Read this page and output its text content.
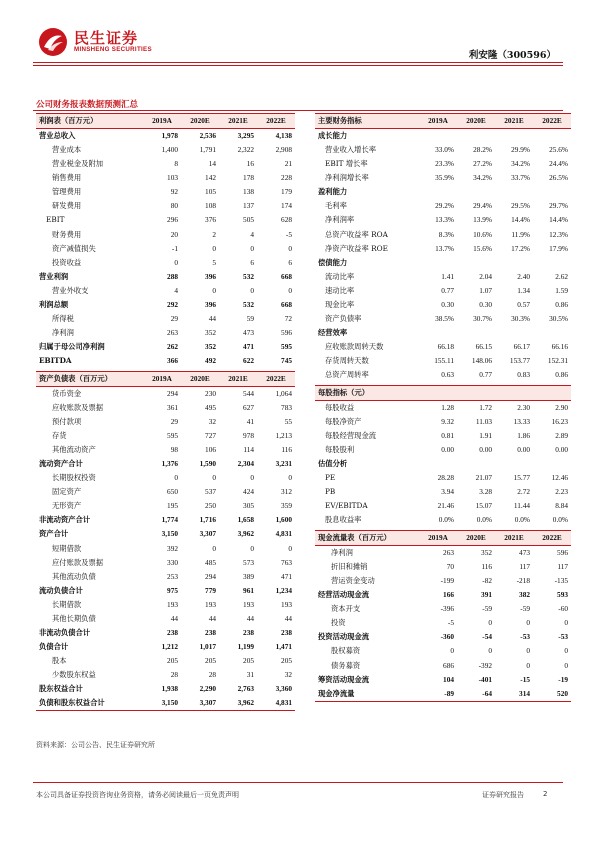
民生证券
MINSHENG SECURITIES
利安隆（300596）
公司财务报表数据预测汇总
利润表（百万元）	2019A	2020E	2021E	2022E
营业总收入	1,978	2,536	3,295	4,138
营业成本	1,400	1,791	2,322	2,908
营业税金及附加	8	14	16	21
销售费用	103	142	178	228
管理费用	92	105	138	179
研发费用	80	108	137	174
EBIT	296	376	505	628
财务费用	20	2	4	-5
资产减值损失	-1	0	0	0
投资收益	0	5	6	6
营业利润	288	396	532	668
营业外收支	4	0	0	0
利润总额	292	396	532	668
所得税	29	44	59	72
净利润	263	352	473	596
归属于母公司净利润	262	352	471	595
EBITDA	366	492	622	745

资产负债表（百万元）	2019A	2020E	2021E	2022E
货币资金	294	230	544	1,064
应收账款及票据	361	495	627	783
预付款项	29	32	41	55
存货	595	727	978	1,213
其他流动资产	98	106	114	116
流动资产合计	1,376	1,590	2,304	3,231
长期股权投资	0	0	0	0
固定资产	650	537	424	312
无形资产	195	250	305	359
非流动资产合计	1,774	1,716	1,658	1,600
资产合计	3,150	3,307	3,962	4,831
短期借款	392	0	0	0
应付账款及票据	330	485	573	763
其他流动负债	253	294	389	471
流动负债合计	975	779	961	1,234
长期借款	193	193	193	193
其他长期负债	44	44	44	44
非流动负债合计	238	238	238	238
负债合计	1,212	1,017	1,199	1,471
股本	205	205	205	205
少数股东权益	28	28	31	32
股东权益合计	1,938	2,290	2,763	3,360
负债和股东权益合计	3,150	3,307	3,962	4,831
主要财务指标	2019A	2020E	2021E	2022E
成长能力				
营业收入增长率	33.0%	28.2%	29.9%	25.6%
EBIT 增长率	23.3%	27.2%	34.2%	24.4%
净利润增长率	35.9%	34.2%	33.7%	26.5%
盈利能力				
毛利率	29.2%	29.4%	29.5%	29.7%
净利润率	13.3%	13.9%	14.4%	14.4%
总资产收益率 ROA	8.3%	10.6%	11.9%	12.3%
净资产收益率 ROE	13.7%	15.6%	17.2%	17.9%
偿债能力				
流动比率	1.41	2.04	2.40	2.62
速动比率	0.77	1.07	1.34	1.59
现金比率	0.30	0.30	0.57	0.86
资产负债率	38.5%	30.7%	30.3%	30.5%
经营效率				
应收账款周转天数	66.18	66.15	66.17	66.16
存货周转天数	155.11	148.06	153.77	152.31
总资产周转率	0.63	0.77	0.83	0.86

每股指标（元）				
每股收益	1.28	1.72	2.30	2.90
每股净资产	9.32	11.03	13.33	16.23
每股经营现金流	0.81	1.91	1.86	2.89
每股股利	0.00	0.00	0.00	0.00
估值分析				
PE	28.28	21.07	15.77	12.46
PB	3.94	3.28	2.72	2.23
EV/EBITDA	21.46	15.07	11.44	8.84
股息收益率	0.0%	0.0%	0.0%	0.0%

现金流量表（百万元）	2019A	2020E	2021E	2022E
净利润	263	352	473	596
折旧和摊销	70	116	117	117
营运资金变动	-199	-82	-218	-135
经营活动现金流	166	391	382	593
资本开支	-396	-59	-59	-60
投资	-5	0	0	0
投资活动现金流	-360	-54	-53	-53
股权募资	0	0	0	0
债务募资	686	-392	0	0
筹资活动现金流	104	-401	-15	-19
现金净流量	-89	-64	314	520
资料来源：公司公告、民生证券研究所
本公司具备证券投资咨询业务资格，请务必阅读最后一页免责声明	证券研究报告	2
